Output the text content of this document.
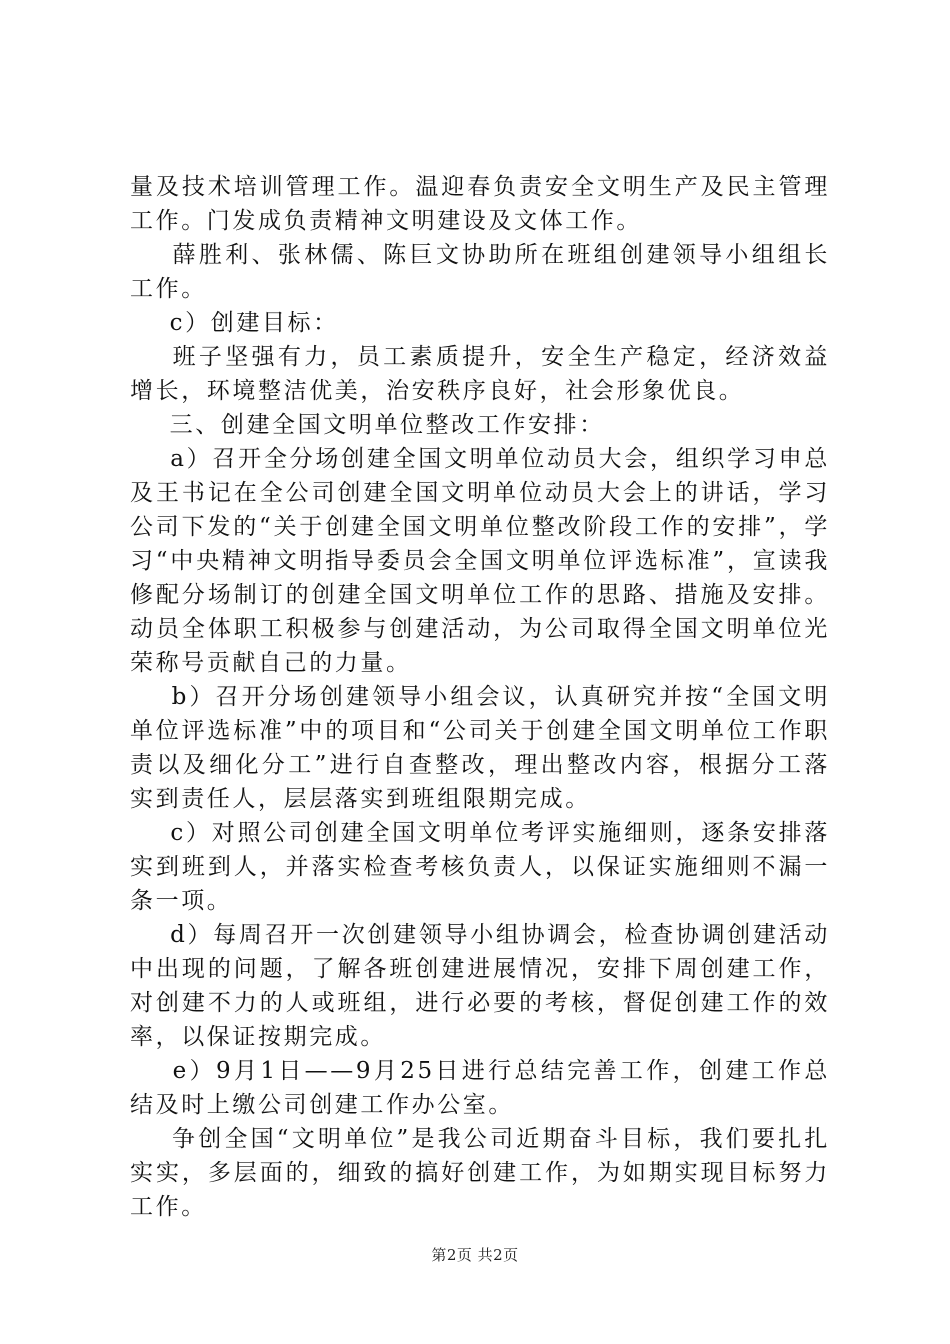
量及技术培训管理工作。温迎春负责安全文明生产及民主管理工作。门发成负责精神文明建设及文体工作。

薛胜利、张林儒、陈巨文协助所在班组创建领导小组组长工作。

c）创建目标：

班子坚强有力，员工素质提升，安全生产稳定，经济效益增长，环境整洁优美，治安秩序良好，社会形象优良。

三、创建全国文明单位整改工作安排：

a）召开全分场创建全国文明单位动员大会，组织学习申总及王书记在全公司创建全国文明单位动员大会上的讲话，学习公司下发的“关于创建全国文明单位整改阶段工作的安排”，学习“中央精神文明指导委员会全国文明单位评选标准”，宣读我修配分场制订的创建全国文明单位工作的思路、措施及安排。动员全体职工积极参与创建活动，为公司取得全国文明单位光荣称号贡献自己的力量。

b）召开分场创建领导小组会议，认真研究并按“全国文明单位评选标准”中的项目和“公司关于创建全国文明单位工作职责以及细化分工”进行自查整改，理出整改内容，根据分工落实到责任人，层层落实到班组限期完成。

c）对照公司创建全国文明单位考评实施细则，逐条安排落实到班到人，并落实检查考核负责人，以保证实施细则不漏一条一项。

d）每周召开一次创建领导小组协调会，检查协调创建活动中出现的问题，了解各班创建进展情况，安排下周创建工作，对创建不力的人或班组，进行必要的考核，督促创建工作的效率，以保证按期完成。

e）9月1日——9月25日进行总结完善工作，创建工作总结及时上缴公司创建工作办公室。

争创全国“文明单位”是我公司近期奋斗目标，我们要扎扎实实，多层面的，细致的搞好创建工作，为如期实现目标努力工作。

第2页 共2页
